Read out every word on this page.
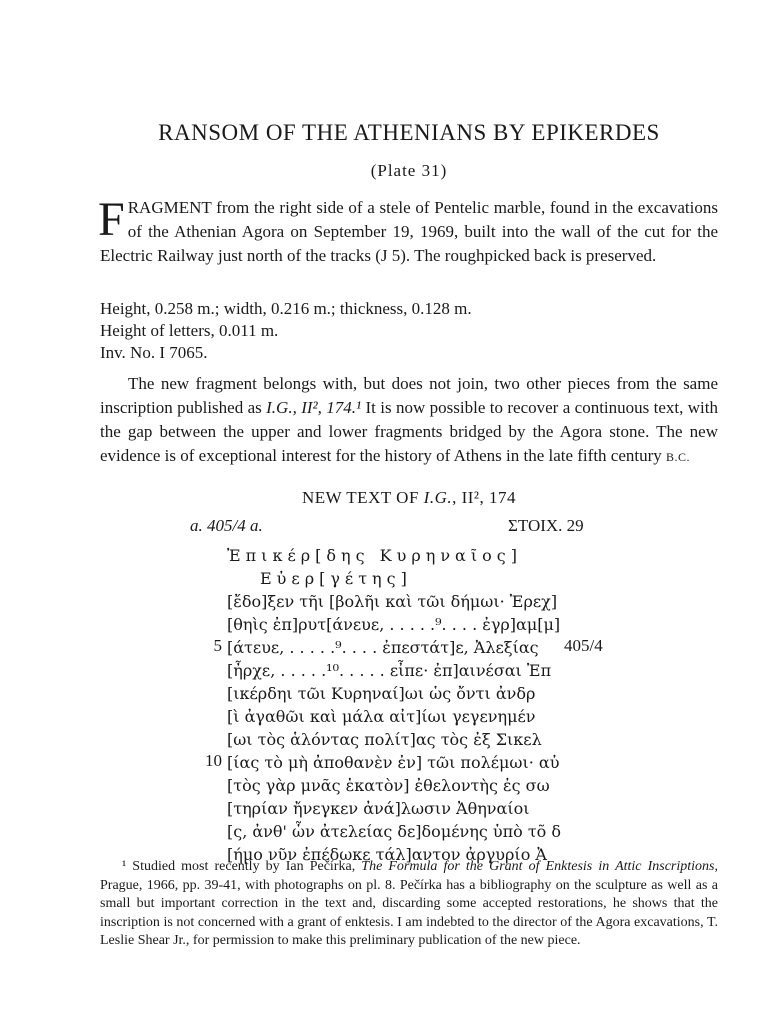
RANSOM OF THE ATHENIANS BY EPIKERDES
(Plate 31)
F RAGMENT from the right side of a stele of Pentelic marble, found in the excavations of the Athenian Agora on September 19, 1969, built into the wall of the cut for the Electric Railway just north of the tracks (J 5). The roughpicked back is preserved.

Height, 0.258 m.; width, 0.216 m.; thickness, 0.128 m.
Height of letters, 0.011 m.
Inv. No. I 7065.

The new fragment belongs with, but does not join, two other pieces from the same inscription published as I.G., II², 174.¹ It is now possible to recover a continuous text, with the gap between the upper and lower fragments bridged by the Agora stone. The new evidence is of exceptional interest for the history of Athens in the late fifth century B.C.

NEW TEXT OF I.G., II², 174
a. 405/4 a.	ΣΤΟΙΧ. 29
Ἐπικέρ[δης Κυρηναῖος]
Εὐερ[γέτης]
[ἔδο]ξεν τῆι [βολῆι καὶ τῶι δήμωι· Ἐρεχ]
[θηὶς ἐπ]ρυτ[άνευε, . . . . .⁹. . . . ἐγρ]αμ[μ]
5 [άτευε, . . . . .⁹. . . . ἐπεστάτ]ε, Ἀλεξίας 405/4
[ἦρχε, . . . . .¹⁰. . . . . εἶπε· ἐπ]αινέσαι Ἐπ
[ικέρδηι τῶι Κυρηναί]ωι ὡς ὄντι ἀνδρ
[ὶ ἀγαθῶι καὶ μάλα αἰτ]ίωι γεγενημέν
[ωι τὸς ἁλόντας πολίτ]ας τὸς ἐξ Σικελ
10 [ίας τὸ μὴ ἀποθανὲν ἐν] τῶι πολέμωι· αὐ
[τὸς γὰρ μνᾶς ἑκατὸν] ἐθελοντὴς ἐς σω
[τηρίαν ἤνεγκεν ἀνά]λωσιν Ἀθηναίοι
[ς, ἀνθ' ὧν ἀτελείας δε]δομένης ὑπὸ τõ δ
[ήμο νῦν ἐπέδωκε τάλ]αντον ἀργυρίο Ἀ

¹ Studied most recently by Ian Pečírka, The Formula for the Grant of Enktesis in Attic Inscriptions, Prague, 1966, pp. 39-41, with photographs on pl. 8. Pečírka has a bibliography on the sculpture as well as a small but important correction in the text and, discarding some accepted restorations, he shows that the inscription is not concerned with a grant of enktesis. I am indebted to the director of the Agora excavations, T. Leslie Shear Jr., for permission to make this preliminary publication of the new piece.
